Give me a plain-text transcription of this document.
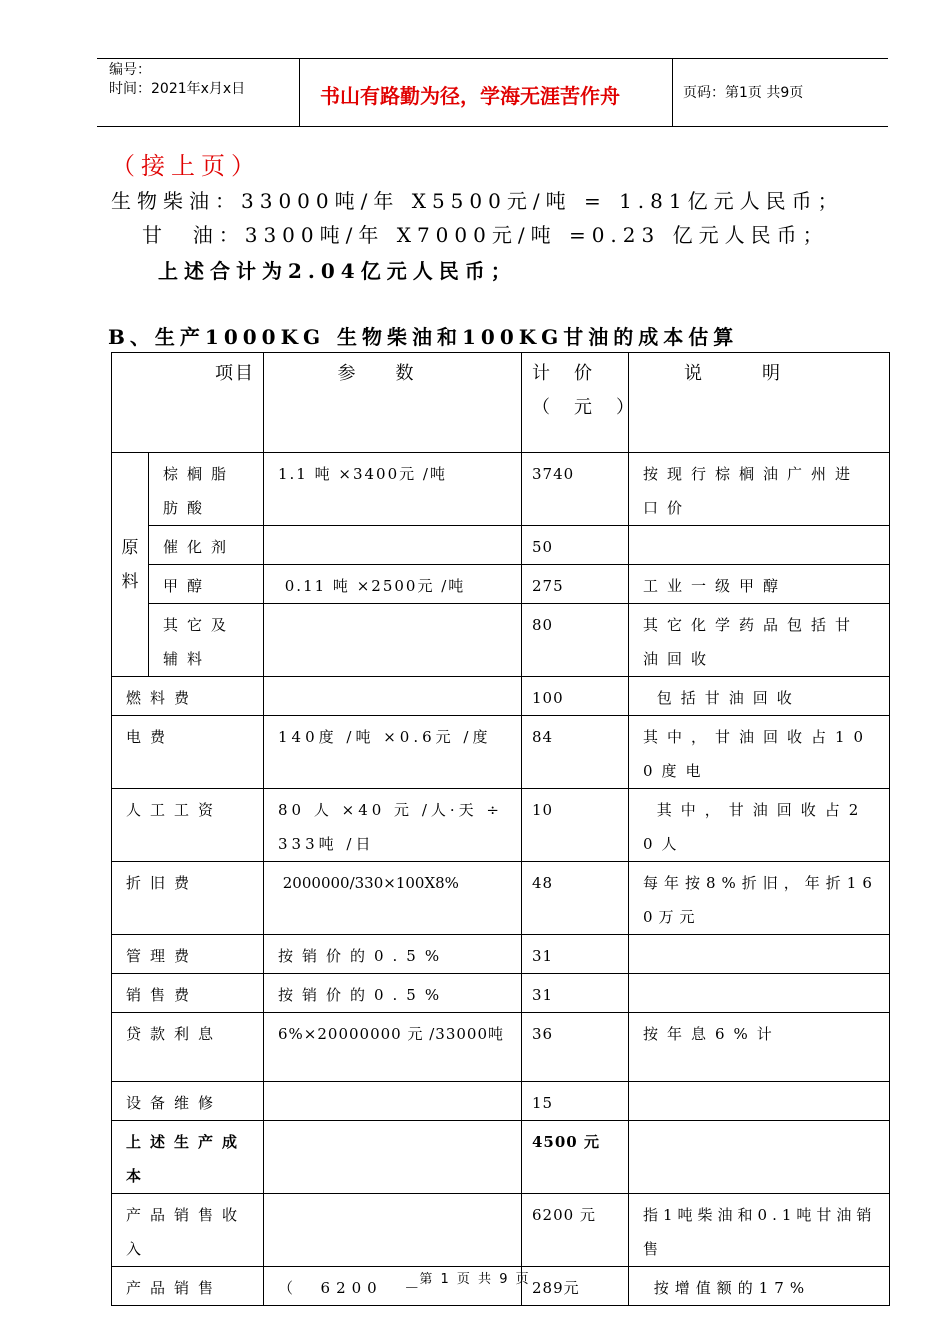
编号：
时间：2021年x月x日	书山有路勤为径，学海无涯苦作舟	页码：第1页 共9页
（接上页）
生物柴油：33000吨/年 X5500元/吨 = 1.81亿元人民币；
甘  油：3300吨/年 X7000元/吨 =0.23 亿元人民币；
上述合计为2.04亿元人民币；
B、生产1000KG 生物柴油和100KG甘油的成本估算
项目		参数	计价（元）	说明
原料	棕榈脂肪酸	1.1 吨 ×3400元 /吨	3740	按现行棕榈油广州进口价
	催化剂		50	
	甲醇	0.11 吨 ×2500元 /吨	275	工业一级甲醇
	其它及辅料		80	其它化学药品包括甘油回收
燃料费			100	包括甘油回收
电费		140度 /吨 ×0.6元 /度	84	其中，甘油回收占100度电
人工工资		80 人 ×40 元 /人·天 ÷333吨 /日	10	其中，甘油回收占20人
折旧费		2000000/330×100X8%	48	每年按8%折旧，年折160万元
管理费		按销价的0.5%	31	
销售费		按销价的0.5%	31	
贷款利息		6%×20000000 元 /33000吨	36	按年息6%计
设备维修			15	
上述生产成本			4500 元	
产品销售收入			6200 元	指1吨柴油和0.1吨甘油销售
产品销售		（  6200  －	289元	按增值额的17%
第 1 页 共 9 页
